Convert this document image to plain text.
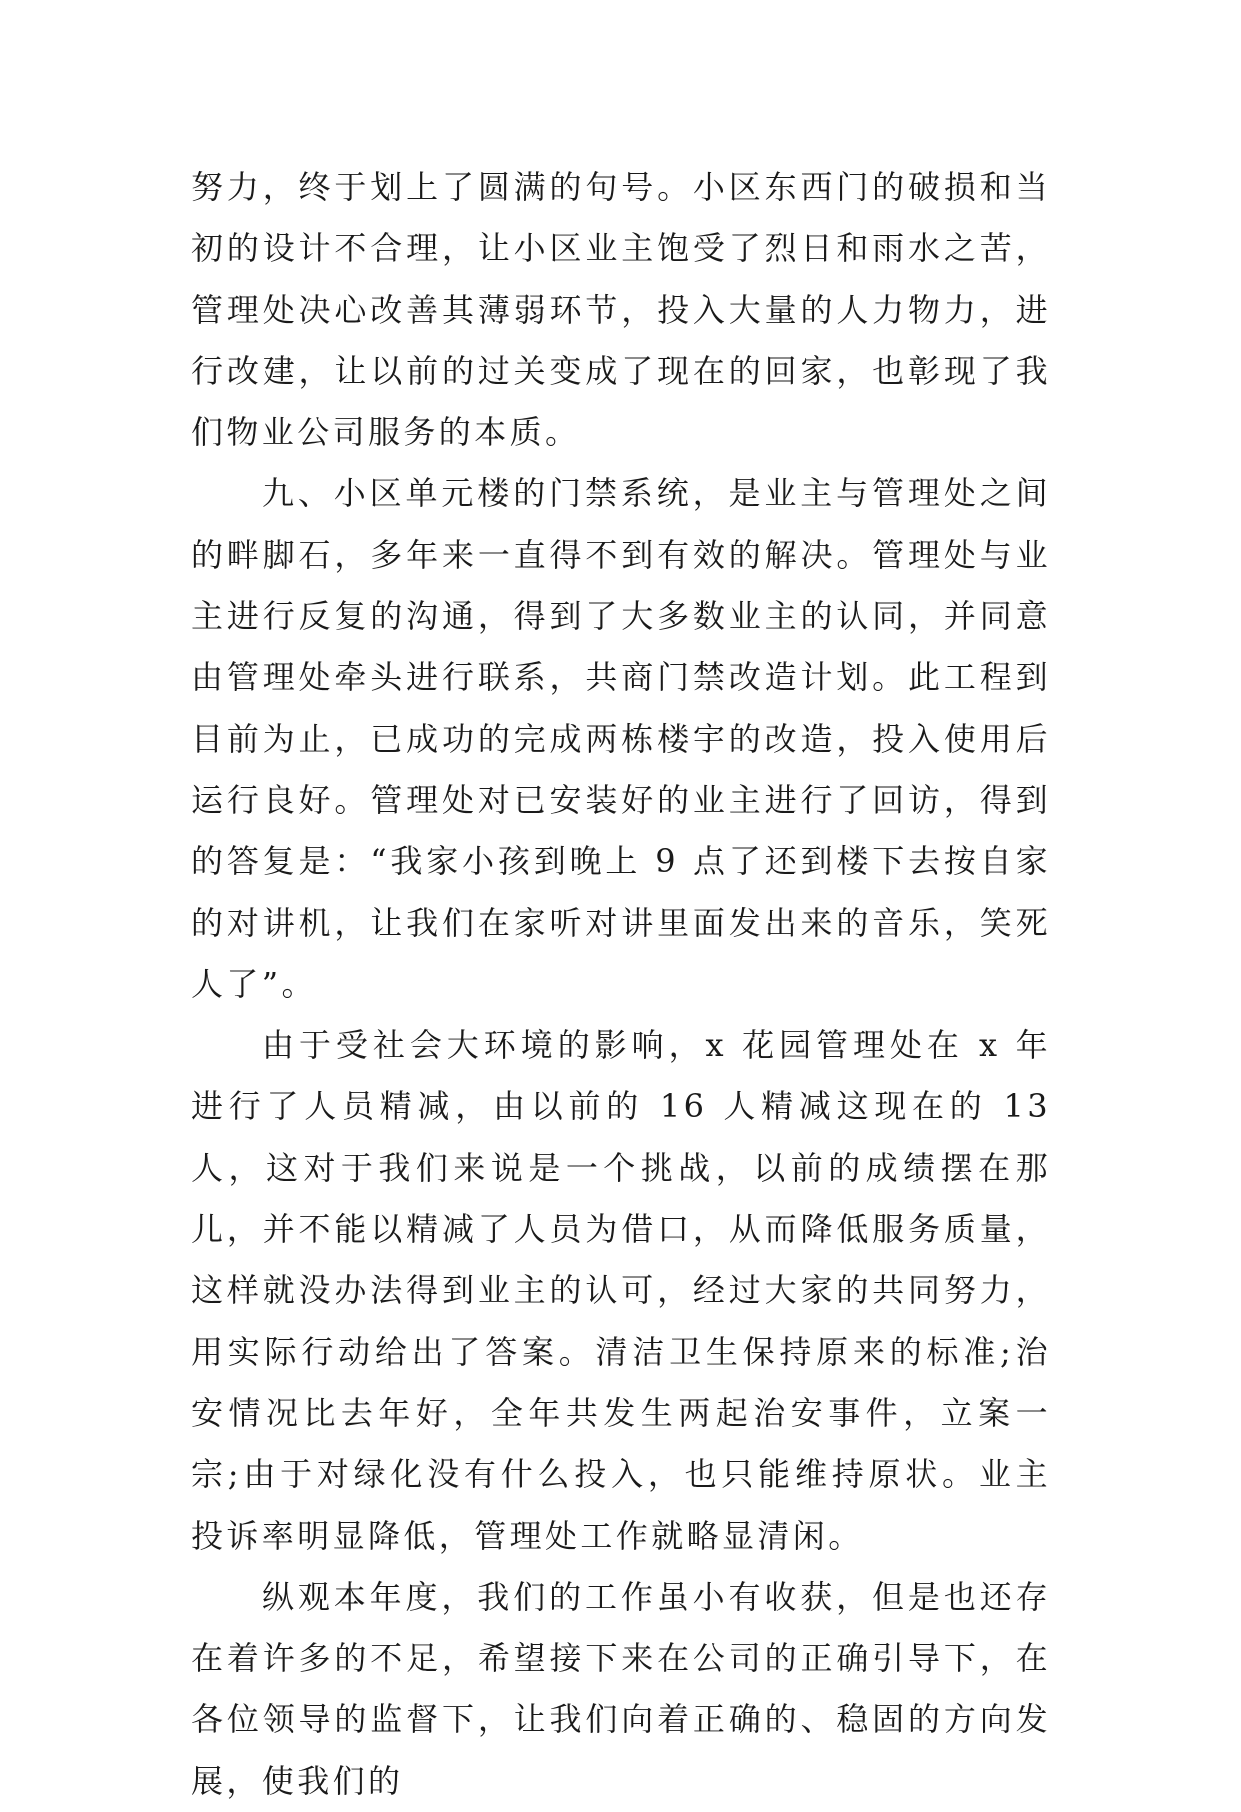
努力，终于划上了圆满的句号。小区东西门的破损和当初的设计不合理，让小区业主饱受了烈日和雨水之苦，管理处决心改善其薄弱环节，投入大量的人力物力，进行改建，让以前的过关变成了现在的回家，也彰现了我们物业公司服务的本质。

九、小区单元楼的门禁系统，是业主与管理处之间的畔脚石，多年来一直得不到有效的解决。管理处与业主进行反复的沟通，得到了大多数业主的认同，并同意由管理处牵头进行联系，共商门禁改造计划。此工程到目前为止，已成功的完成两栋楼宇的改造，投入使用后运行良好。管理处对已安装好的业主进行了回访，得到的答复是：“我家小孩到晚上 9 点了还到楼下去按自家的对讲机，让我们在家听对讲里面发出来的音乐，笑死人了”。

由于受社会大环境的影响，x 花园管理处在 x 年进行了人员精减，由以前的 16 人精减这现在的 13 人，这对于我们来说是一个挑战，以前的成绩摆在那儿，并不能以精减了人员为借口，从而降低服务质量，这样就没办法得到业主的认可，经过大家的共同努力，用实际行动给出了答案。清洁卫生保持原来的标准;治安情况比去年好，全年共发生两起治安事件，立案一宗;由于对绿化没有什么投入，也只能维持原状。业主投诉率明显降低，管理处工作就略显清闲。

纵观本年度，我们的工作虽小有收获，但是也还存在着许多的不足，希望接下来在公司的正确引导下，在各位领导的监督下，让我们向着正确的、稳固的方向发展，使我们的
